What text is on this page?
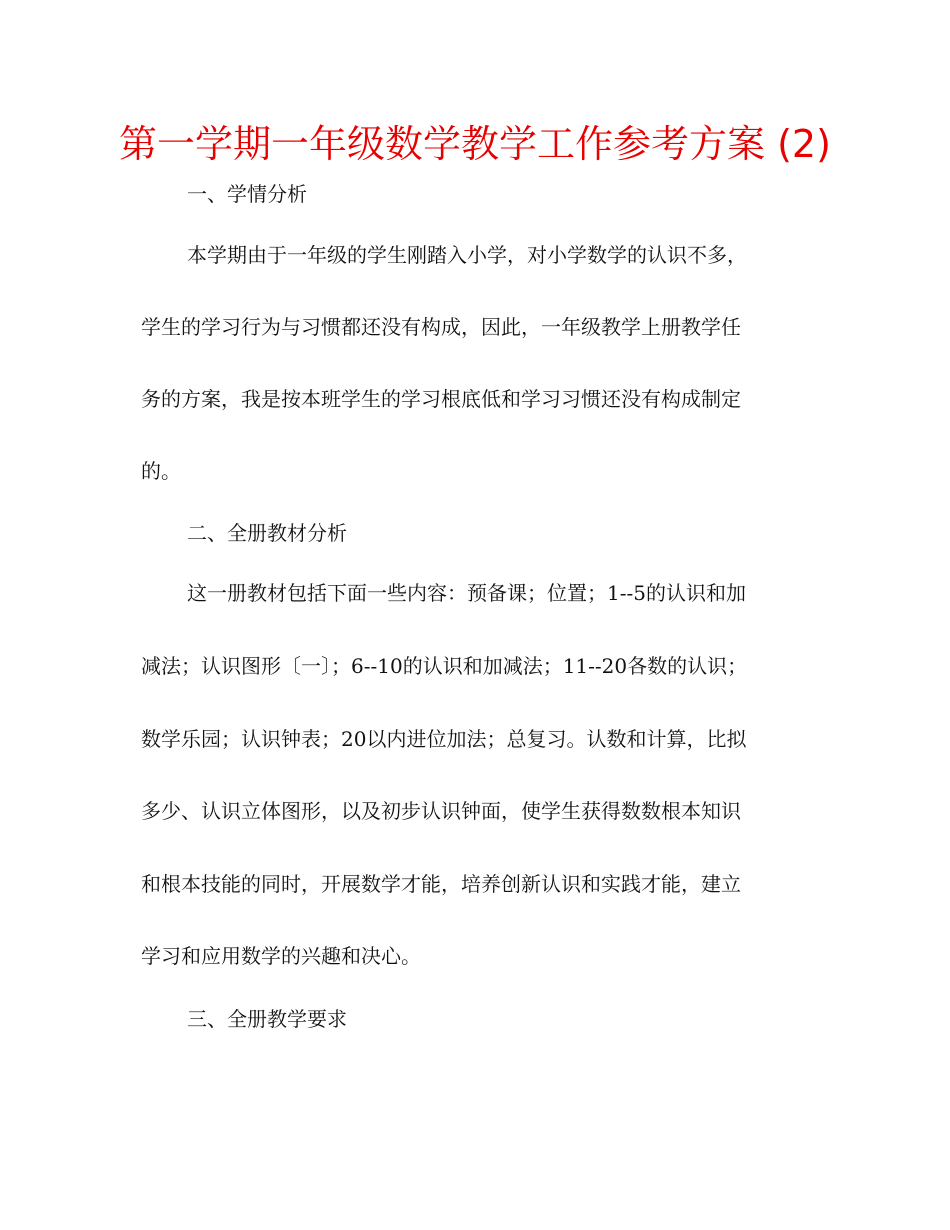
第一学期一年级数学教学工作参考方案 (2)
一、学情分析
本学期由于一年级的学生刚踏入小学，对小学数学的认识不多，
学生的学习行为与习惯都还没有构成，因此，一年级教学上册教学任
务的方案，我是按本班学生的学习根底低和学习习惯还没有构成制定
的。
二、全册教材分析
这一册教材包括下面一些内容：预备课；位置；1--5的认识和加
减法；认识图形〔一〕；6--10的认识和加减法；11--20各数的认识；
数学乐园；认识钟表；20以内进位加法；总复习。认数和计算，比拟
多少、认识立体图形，以及初步认识钟面，使学生获得数数根本知识
和根本技能的同时，开展数学才能，培养创新认识和实践才能，建立
学习和应用数学的兴趣和决心。
三、全册教学要求
